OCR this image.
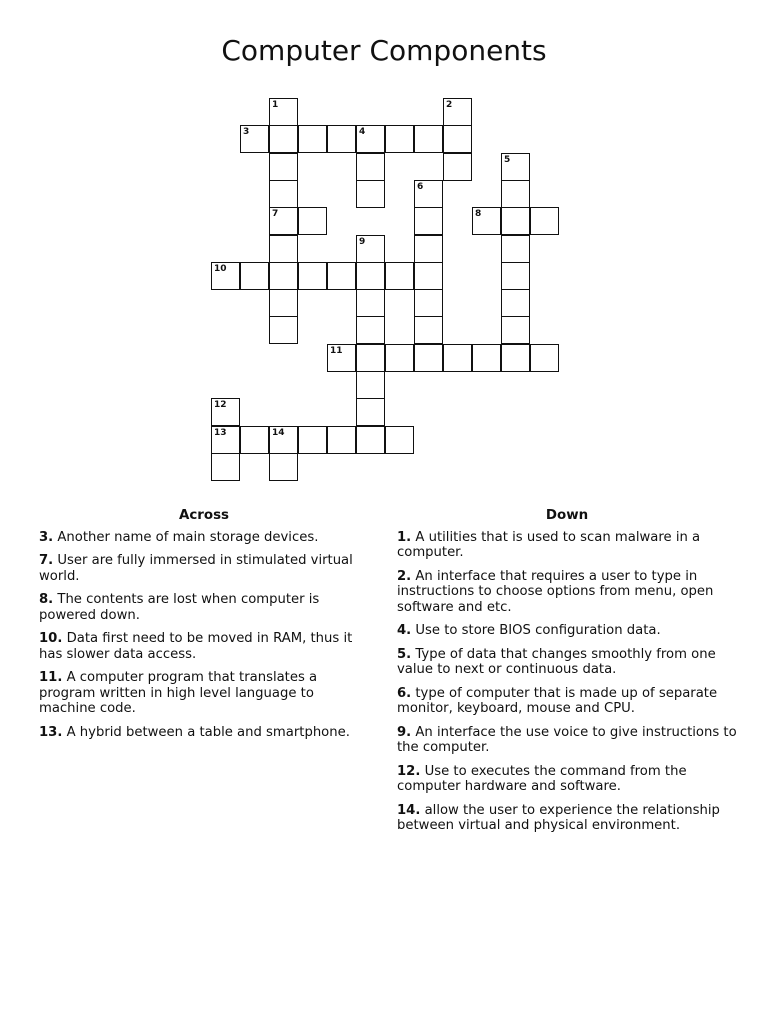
Computer Components
1	2
3	4
5
6
7	8
9
10
11
12
13	14
Across
3. Another name of main storage devices.
7. User are fully immersed in stimulated virtual world.
8. The contents are lost when computer is powered down.
10. Data first need to be moved in RAM, thus it has slower data access.
11. A computer program that translates a program written in high level language to machine code.
13. A hybrid between a table and smartphone.
Down
1. A utilities that is used to scan malware in a computer.
2. An interface that requires a user to type in instructions to choose options from menu, open software and etc.
4. Use to store BIOS configuration data.
5. Type of data that changes smoothly from one value to next or continuous data.
6. type of computer that is made up of separate monitor, keyboard, mouse and CPU.
9. An interface the use voice to give instructions to the computer.
12. Use to executes the command from the computer hardware and software.
14. allow the user to experience the relationship between virtual and physical environment.
